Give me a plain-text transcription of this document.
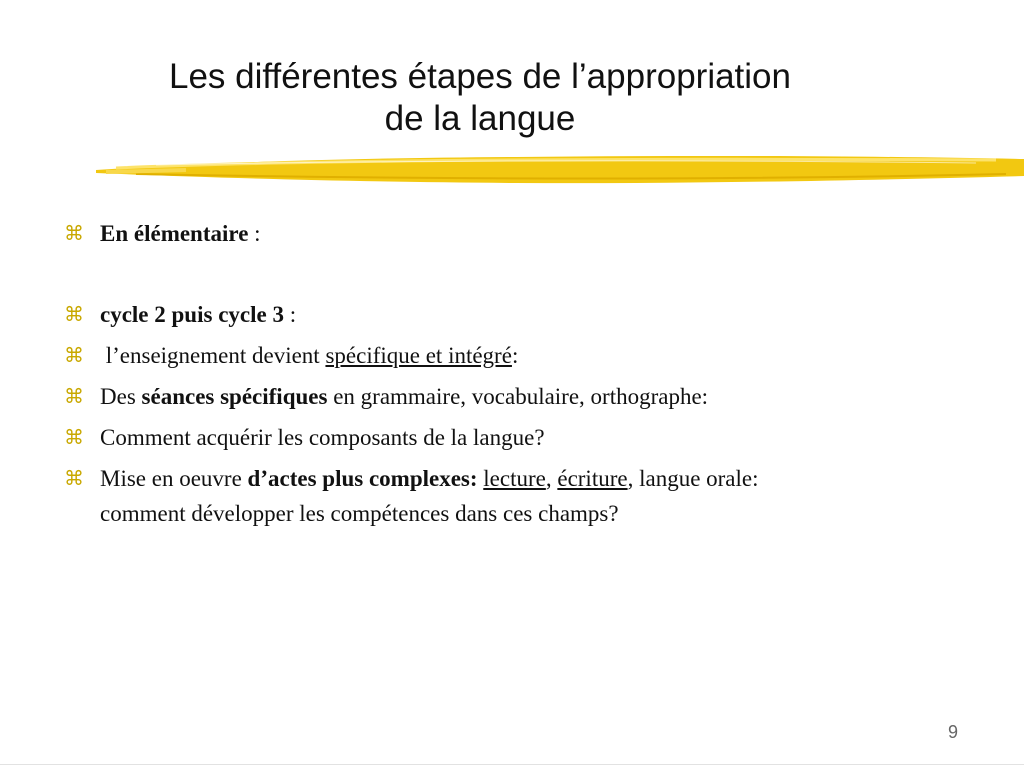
Les différentes étapes de l’appropriation
de la langue
⌘ En élémentaire :
⌘ cycle 2 puis cycle 3 :
⌘ l’enseignement devient spécifique et intégré:
⌘ Des séances spécifiques en grammaire, vocabulaire, orthographe:
⌘ Comment acquérir les composants de la langue?
⌘ Mise en oeuvre d’actes plus complexes: lecture, écriture, langue orale:
comment développer les compétences dans ces champs?
9
